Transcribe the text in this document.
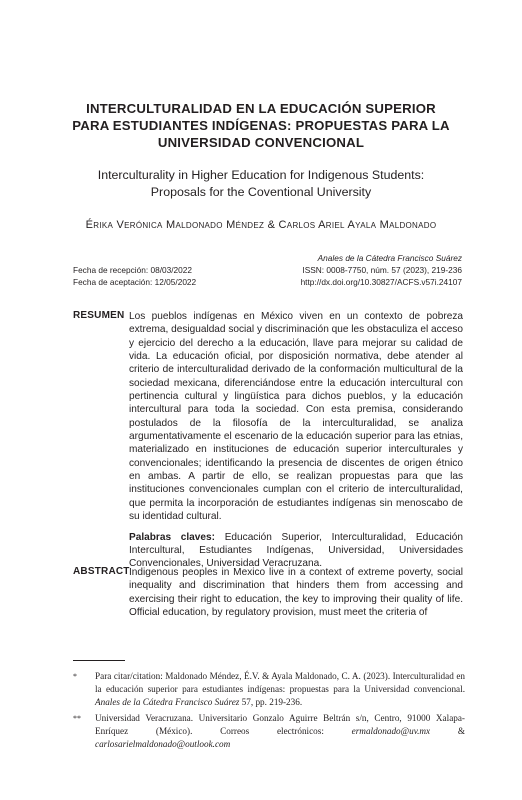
INTERCULTURALIDAD EN LA EDUCACIÓN SUPERIOR
PARA ESTUDIANTES INDÍGENAS: PROPUESTAS PARA LA
UNIVERSIDAD CONVENCIONAL
Interculturality in Higher Education for Indigenous Students:
Proposals for the Coventional University
Érika Verónica Maldonado Méndez & Carlos Ariel Ayala Maldonado
Anales de la Cátedra Francisco Suárez
ISSN: 0008-7750, núm. 57 (2023), 219-236
http://dx.doi.org/10.30827/ACFS.v57i.24107
Fecha de recepción: 08/03/2022
Fecha de aceptación: 12/05/2022
RESUMEN Los pueblos indígenas en México viven en un contexto de pobreza extrema, desigualdad social y discriminación que les obstaculiza el acceso y ejercicio del derecho a la educación, llave para mejorar su calidad de vida. La educación oficial, por disposición normativa, debe atender al criterio de interculturalidad derivado de la conformación multicultural de la sociedad mexicana, diferenciándose entre la educación intercultural con pertinencia cultural y lingüística para dichos pueblos, y la educación intercultural para toda la sociedad. Con esta premisa, considerando postulados de la filosofía de la interculturalidad, se analiza argumentativamente el escenario de la educación superior para las etnias, materializado en instituciones de educación superior interculturales y convencionales; identificando la presencia de discentes de origen étnico en ambas. A partir de ello, se realizan propuestas para que las instituciones convencionales cumplan con el criterio de interculturalidad, que permita la incorporación de estudiantes indígenas sin menoscabo de su identidad cultural.
Palabras claves: Educación Superior, Interculturalidad, Educación Intercultural, Estudiantes Indígenas, Universidad, Universidades Convencionales, Universidad Veracruzana.
ABSTRACT Indigenous peoples in Mexico live in a context of extreme poverty, social inequality and discrimination that hinders them from accessing and exercising their right to education, the key to improving their quality of life. Official education, by regulatory provision, must meet the criteria of
*	Para citar/citation: Maldonado Méndez, É.V. & Ayala Maldonado, C. A. (2023). Interculturalidad en la educación superior para estudiantes indígenas: propuestas para la Universidad convencional. Anales de la Cátedra Francisco Suárez 57, pp. 219-236.
**	Universidad Veracruzana. Universitario Gonzalo Aguirre Beltrán s/n, Centro, 91000 Xalapa-Enríquez (México). Correos electrónicos:	ermaldonado@uv.mx	& carlosarielmaldonado@outlook.com
